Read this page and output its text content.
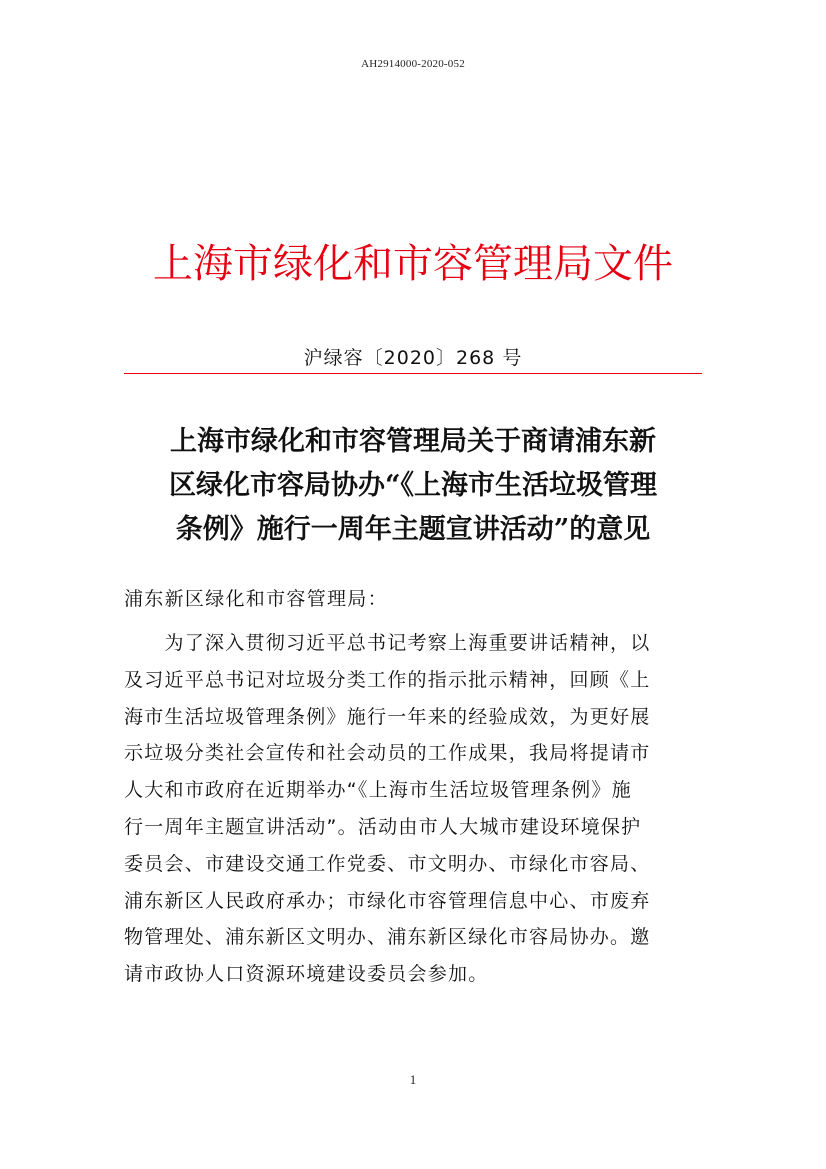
AH2914000-2020-052
上海市绿化和市容管理局文件
沪绿容〔2020〕268 号
上海市绿化和市容管理局关于商请浦东新
区绿化市容局协办“《上海市生活垃圾管理
条例》施行一周年主题宣讲活动”的意见
浦东新区绿化和市容管理局：
　　为了深入贯彻习近平总书记考察上海重要讲话精神，以
及习近平总书记对垃圾分类工作的指示批示精神，回顾《上
海市生活垃圾管理条例》施行一年来的经验成效，为更好展
示垃圾分类社会宣传和社会动员的工作成果，我局将提请市
人大和市政府在近期举办“《上海市生活垃圾管理条例》施
行一周年主题宣讲活动”。活动由市人大城市建设环境保护
委员会、市建设交通工作党委、市文明办、市绿化市容局、
浦东新区人民政府承办；市绿化市容管理信息中心、市废弃
物管理处、浦东新区文明办、浦东新区绿化市容局协办。邀
请市政协人口资源环境建设委员会参加。
1
